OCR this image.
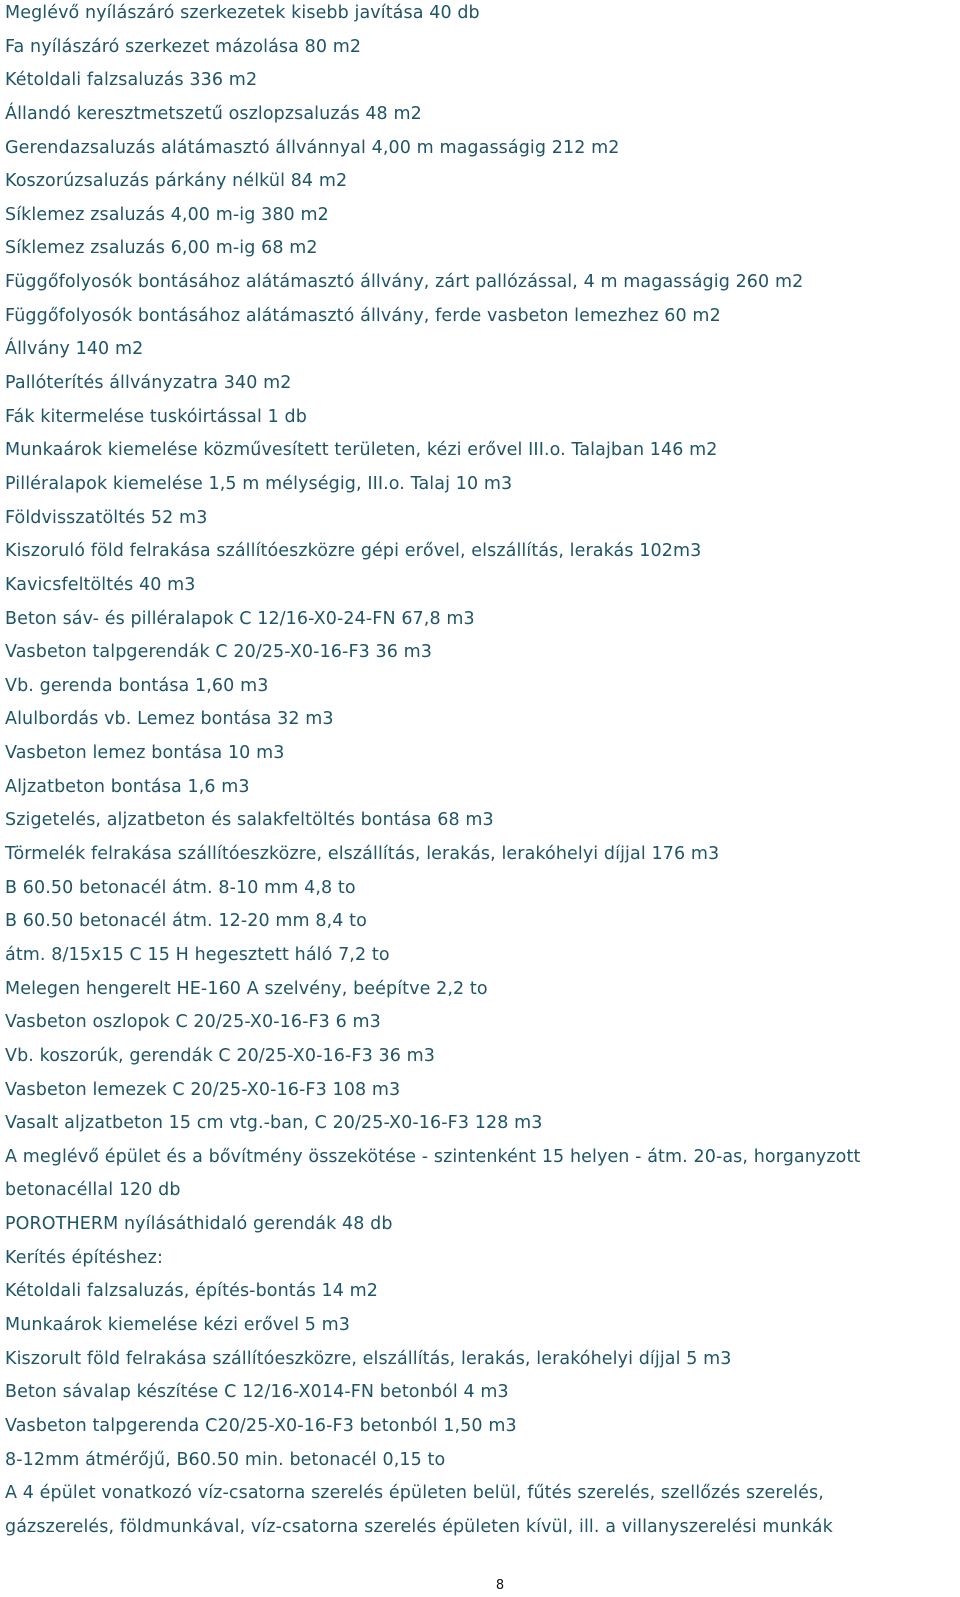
Meglévő nyílászáró szerkezetek kisebb javítása 40 db
Fa nyílászáró szerkezet mázolása 80 m2
Kétoldali falzsaluzás 336 m2
Állandó keresztmetszetű oszlopzsaluzás 48 m2
Gerendazsaluzás alátámasztó állvánnyal 4,00 m magasságig 212 m2
Koszorúzsaluzás párkány nélkül 84 m2
Síklemez zsaluzás 4,00 m-ig 380 m2
Síklemez zsaluzás 6,00 m-ig 68 m2
Függőfolyosók bontásához alátámasztó állvány, zárt pallózással, 4 m magasságig 260 m2
Függőfolyosók bontásához alátámasztó állvány, ferde vasbeton lemezhez 60 m2
Állvány 140 m2
Pallóterítés állványzatra 340 m2
Fák kitermelése tuskóirtással 1 db
Munkaárok kiemelése közművesített területen, kézi erővel III.o. Talajban 146 m2
Pilléralapok kiemelése 1,5 m mélységig, III.o. Talaj 10 m3
Földvisszatöltés 52 m3
Kiszoruló föld felrakása szállítóeszközre gépi erővel, elszállítás, lerakás 102m3
Kavicsfeltöltés 40 m3
Beton sáv- és pilléralapok C 12/16-X0-24-FN 67,8 m3
Vasbeton talpgerendák C 20/25-X0-16-F3 36 m3
Vb. gerenda bontása 1,60 m3
Alulbordás vb. Lemez bontása 32 m3
Vasbeton lemez bontása 10 m3
Aljzatbeton bontása 1,6 m3
Szigetelés, aljzatbeton és salakfeltöltés bontása 68 m3
Törmelék felrakása szállítóeszközre, elszállítás, lerakás, lerakóhelyi díjjal 176 m3
B 60.50 betonacél átm. 8-10 mm 4,8 to
B 60.50 betonacél átm. 12-20 mm 8,4 to
átm. 8/15x15 C 15 H hegesztett háló 7,2 to
Melegen hengerelt HE-160 A szelvény, beépítve 2,2 to
Vasbeton oszlopok C 20/25-X0-16-F3 6 m3
Vb. koszorúk, gerendák C 20/25-X0-16-F3 36 m3
Vasbeton lemezek C 20/25-X0-16-F3 108 m3
Vasalt aljzatbeton 15 cm vtg.-ban, C 20/25-X0-16-F3 128 m3
A meglévő épület és a bővítmény összekötése - szintenként 15 helyen - átm. 20-as, horganyzott
betonacéllal 120 db
POROTHERM nyílásáthidaló gerendák 48 db
Kerítés építéshez:
Kétoldali falzsaluzás, építés-bontás 14 m2
Munkaárok kiemelése kézi erővel 5 m3
Kiszorult föld felrakása szállítóeszközre, elszállítás, lerakás, lerakóhelyi díjjal 5 m3
Beton sávalap készítése C 12/16-X014-FN betonból 4 m3
Vasbeton talpgerenda C20/25-X0-16-F3 betonból 1,50 m3
8-12mm átmérőjű, B60.50 min. betonacél 0,15 to
A 4 épület vonatkozó víz-csatorna szerelés épületen belül, fűtés szerelés, szellőzés szerelés,
gázszerelés, földmunkával, víz-csatorna szerelés épületen kívül, ill. a villanyszerelési munkák
8
